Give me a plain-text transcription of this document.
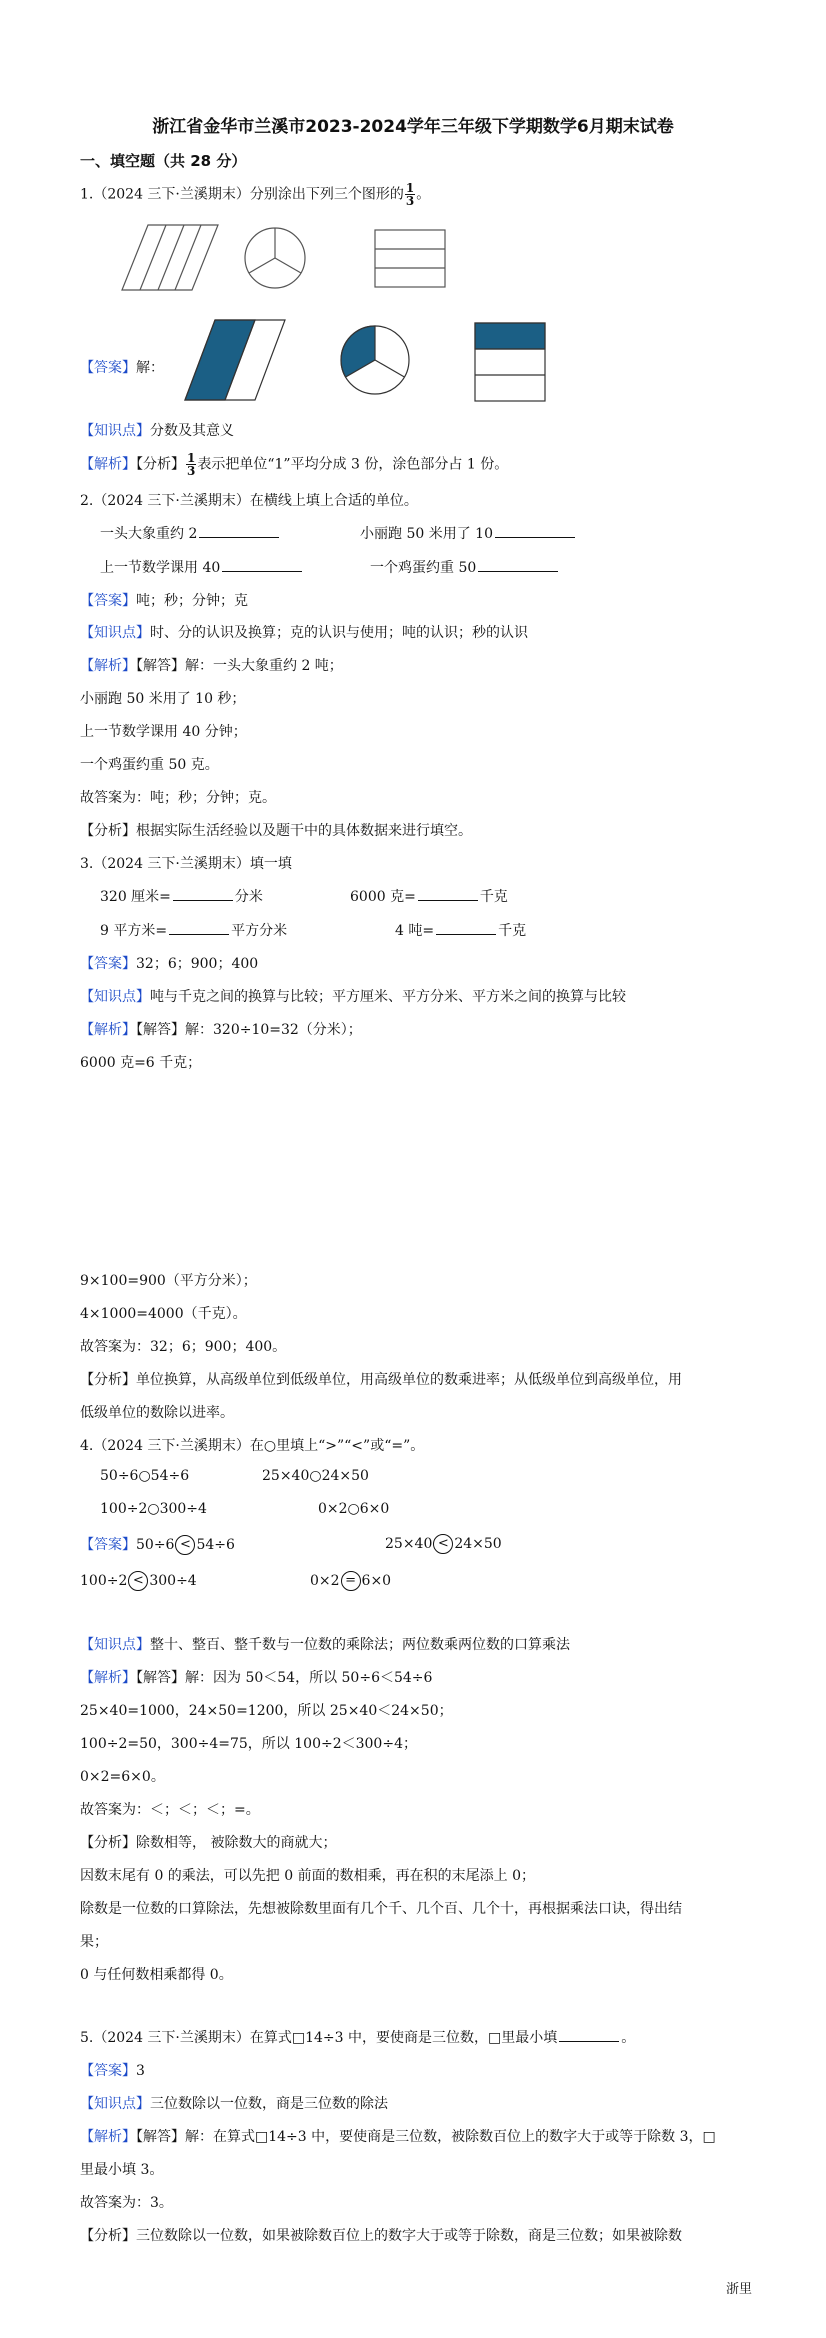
浙江省金华市兰溪市2023-2024学年三年级下学期数学6月期末试卷
一、填空题（共 28 分）
1.（2024 三下·兰溪期末）分别涂出下列三个图形的 $\frac{1}{3}$ 。
【答案】解：
【知识点】分数及其意义
【解析】【分析】 $\frac{1}{3}$ 表示把单位“1”平均分成 3 份，涂色部分占 1 份。
2.（2024 三下·兰溪期末）在横线上填上合适的单位。
一头大象重约 2	小丽跑 50 米用了 10
上一节数学课用 40	一个鸡蛋约重 50
【答案】吨；秒；分钟；克
【知识点】时、分的认识及换算；克的认识与使用；吨的认识；秒的认识
【解析】【解答】解：一头大象重约 2 吨；
小丽跑 50 米用了 10 秒；
上一节数学课用 40 分钟；
一个鸡蛋约重 50 克。
故答案为：吨；秒；分钟；克。
【分析】根据实际生活经验以及题干中的具体数据来进行填空。
3.（2024 三下·兰溪期末）填一填
320 厘米=	分米	6000 克=	千克
9 平方米=	平方分米	4 吨=	千克
【答案】32；6；900；400
【知识点】吨与千克之间的换算与比较；平方厘米、平方分米、平方米之间的换算与比较
【解析】【解答】解：320÷10=32（分米）；
6000 克=6 千克；
9×100=900（平方分米）；
4×1000=4000（千克）。
故答案为：32；6；900；400。
【分析】单位换算，从高级单位到低级单位，用高级单位的数乘进率；从低级单位到高级单位，用
低级单位的数除以进率。
4.（2024 三下·兰溪期末）在○里填上“>”“<”或“=”。
50÷6○54÷6	25×40○24×50
100÷2○300÷4	0×2○6×0
【答案】50÷6 < 54÷6	25×40 < 24×50
100÷2 < 300÷4	0×2 = 6×0
【知识点】整十、整百、整千数与一位数的乘除法；两位数乘两位数的口算乘法
【解析】【解答】解：因为 50＜54，所以 50÷6＜54÷6
25×40=1000，24×50=1200，所以 25×40＜24×50；
100÷2=50，300÷4=75，所以 100÷2＜300÷4；
0×2=6×0。
故答案为：＜；＜；＜；=。
【分析】除数相等， 被除数大的商就大；
因数末尾有 0 的乘法，可以先把 0 前面的数相乘，再在积的末尾添上 0；
除数是一位数的口算除法，先想被除数里面有几个千、几个百、几个十，再根据乘法口诀，得出结
果；
0 与任何数相乘都得 0。
5.（2024 三下·兰溪期末）在算式□14÷3 中，要使商是三位数，□里最小填	。
【答案】3
【知识点】三位数除以一位数，商是三位数的除法
【解析】【解答】解：在算式□14÷3 中，要使商是三位数，被除数百位上的数字大于或等于除数 3，□
里最小填 3。
故答案为：3。
【分析】三位数除以一位数，如果被除数百位上的数字大于或等于除数，商是三位数；如果被除数
浙里
